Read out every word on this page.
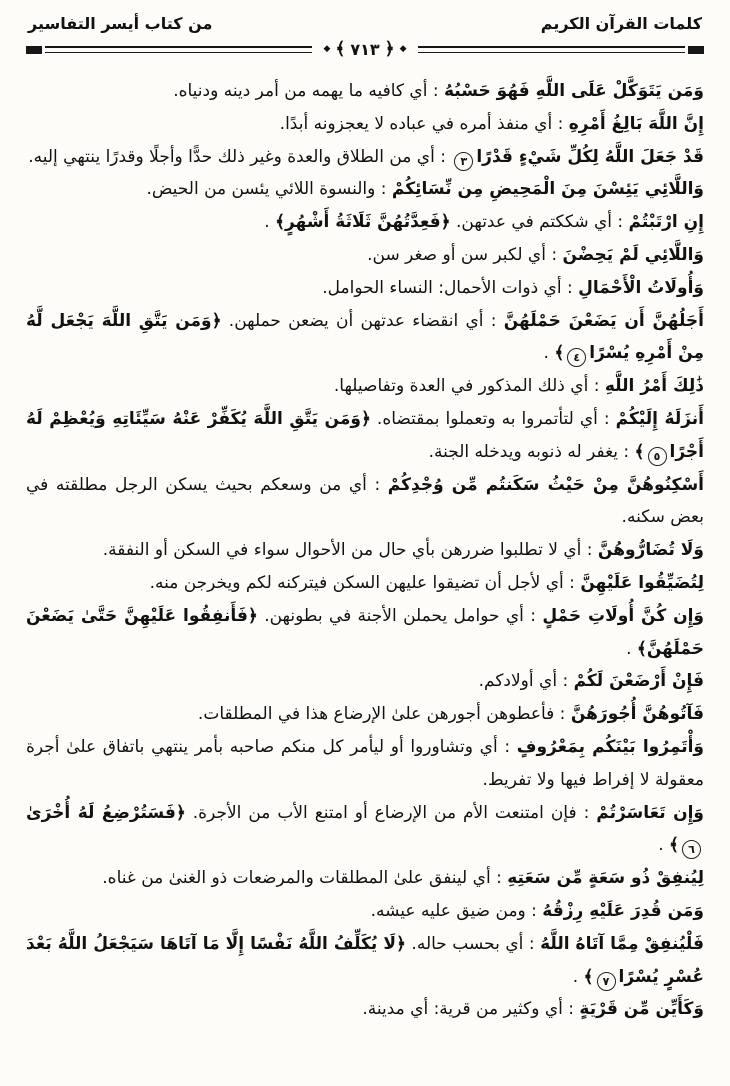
كلمات القرآن الكريم
من كتاب أيسر التفاسير
◆
﴿
٧١٣
﴾
◆

وَمَن يَتَوَكَّلْ عَلَى اللَّهِ فَهُوَ حَسْبُهُ : أي كافيه ما يهمه من أمر دينه ودنياه.

إِنَّ اللَّهَ بَالِغُ أَمْرِهِ : أي منفذ أمره في عباده لا يعجزونه أبدًا.

قَدْ جَعَلَ اللَّهُ لِكُلِّ شَيْءٍ قَدْرًا٣ : أي من الطلاق والعدة وغير ذلك حدًّا وأجلًا وقدرًا ينتهي إليه.

وَاللَّائِي يَئِسْنَ مِنَ الْمَحِيضِ مِن نِّسَائِكُمْ : والنسوة اللائي يئسن من الحيض.

إِنِ ارْتَبْتُمْ : أي شككتم في عدتهن. ﴿فَعِدَّتُهُنَّ ثَلَاثَةُ أَشْهُرٍ﴾ .

وَاللَّائِي لَمْ يَحِضْنَ : أي لكبر سن أو صغر سن.

وَأُولَاتُ الْأَحْمَالِ : أي ذوات الأحمال: النساء الحوامل.

أَجَلُهُنَّ أَن يَضَعْنَ حَمْلَهُنَّ : أي انقضاء عدتهن أن يضعن حملهن. ﴿وَمَن يَتَّقِ اللَّهَ يَجْعَل لَّهُ مِنْ أَمْرِهِ يُسْرًا٤﴾ .

ذَٰلِكَ أَمْرُ اللَّهِ : أي ذلك المذكور في العدة وتفاصيلها.

أَنزَلَهُ إِلَيْكُمْ : أي لتأتمروا به وتعملوا بمقتضاه. ﴿وَمَن يَتَّقِ اللَّهَ يُكَفِّرْ عَنْهُ سَيِّئَاتِهِ وَيُعْظِمْ لَهُ أَجْرًا٥﴾ : يغفر له ذنوبه ويدخله الجنة.

أَسْكِنُوهُنَّ مِنْ حَيْثُ سَكَنتُم مِّن وُجْدِكُمْ : أي من وسعكم بحيث يسكن الرجل مطلقته في بعض سكنه.

وَلَا تُضَارُّوهُنَّ : أي لا تطلبوا ضررهن بأي حال من الأحوال سواء في السكن أو النفقة.

لِتُضَيِّقُوا عَلَيْهِنَّ : أي لأجل أن تضيقوا عليهن السكن فيتركنه لكم ويخرجن منه.

وَإِن كُنَّ أُولَاتِ حَمْلٍ : أي حوامل يحملن الأجنة في بطونهن. ﴿فَأَنفِقُوا عَلَيْهِنَّ حَتَّىٰ يَضَعْنَ حَمْلَهُنَّ﴾ .

فَإِنْ أَرْضَعْنَ لَكُمْ : أي أولادكم.

فَآتُوهُنَّ أُجُورَهُنَّ : فأعطوهن أجورهن علىٰ الإرضاع هذا في المطلقات.

وَأْتَمِرُوا بَيْنَكُم بِمَعْرُوفٍ : أي وتشاوروا أو ليأمر كل منكم صاحبه بأمر ينتهي باتفاق علىٰ أجرة معقولة لا إفراط فيها ولا تفريط.

وَإِن تَعَاسَرْتُمْ : فإن امتنعت الأم من الإرضاع أو امتنع الأب من الأجرة. ﴿فَسَتُرْضِعُ لَهُ أُخْرَىٰ٦﴾ .

لِيُنفِقْ ذُو سَعَةٍ مِّن سَعَتِهِ : أي لينفق علىٰ المطلقات والمرضعات ذو الغنىٰ من غناه.

وَمَن قُدِرَ عَلَيْهِ رِزْقُهُ : ومن ضيق عليه عيشه.

فَلْيُنفِقْ مِمَّا آتَاهُ اللَّهُ : أي بحسب حاله. ﴿لَا يُكَلِّفُ اللَّهُ نَفْسًا إِلَّا مَا آتَاهَا سَيَجْعَلُ اللَّهُ بَعْدَ عُسْرٍ يُسْرًا٧﴾ .

وَكَأَيِّن مِّن قَرْيَةٍ : أي وكثير من قرية: أي مدينة.
